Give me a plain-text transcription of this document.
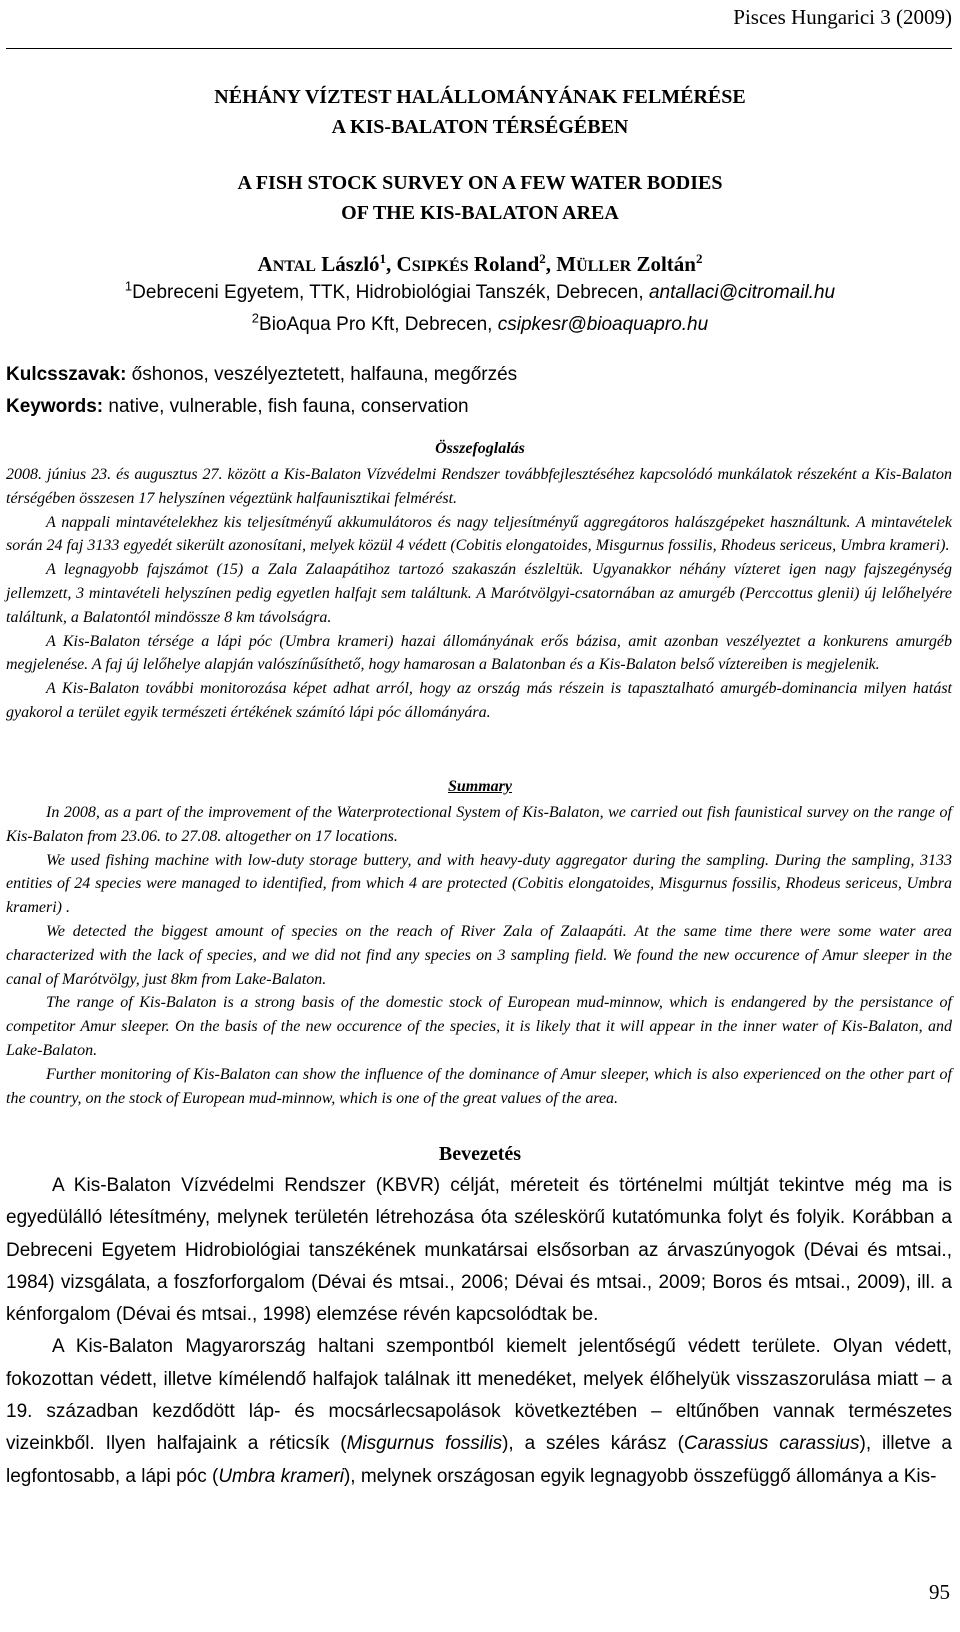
Pisces Hungarici 3 (2009)
NÉHÁNY VÍZTEST HALÁLLOMÁNYÁNAK FELMÉRÉSE
A KIS-BALATON TÉRSÉGÉBEN
A FISH STOCK SURVEY ON A FEW WATER BODIES
OF THE KIS-BALATON AREA
ANTAL László$^1$, CSIPKÉS Roland$^2$, MÜLLER Zoltán$^2$
$^1$Debreceni Egyetem, TTK, Hidrobiológiai Tanszék, Debrecen, antallaci@citromail.hu
$^2$BioAqua Pro Kft, Debrecen, csipkesr@bioaquapro.hu
Kulcsszavak: őshonos, veszélyeztetett, halfauna, megőrzés
Keywords: native, vulnerable, fish fauna, conservation
Összefoglalás

2008. június 23. és augusztus 27. között a Kis-Balaton Vízvédelmi Rendszer továbbfejlesztéséhez kapcsolódó munkálatok részeként a Kis-Balaton térségében összesen 17 helyszínen végeztünk halfaunisztikai felmérést.

A nappali mintavételekhez kis teljesítményű akkumulátoros és nagy teljesítményű aggregátoros halászgépeket használtunk. A mintavételek során 24 faj 3133 egyedét sikerült azonosítani, melyek közül 4 védett (Cobitis elongatoides, Misgurnus fossilis, Rhodeus sericeus, Umbra krameri).

A legnagyobb fajszámot (15) a Zala Zalaapátihoz tartozó szakaszán észleltük. Ugyanakkor néhány vízteret igen nagy fajszegénység jellemzett, 3 mintavételi helyszínen pedig egyetlen halfajt sem találtunk. A Marótvölgyi-csatornában az amurgéb (Perccottus glenii) új lelőhelyére találtunk, a Balatontól mindössze 8 km távolságra.

A Kis-Balaton térsége a lápi póc (Umbra krameri) hazai állományának erős bázisa, amit azonban veszélyeztet a konkurens amurgéb megjelenése. A faj új lelőhelye alapján valószínűsíthető, hogy hamarosan a Balatonban és a Kis-Balaton belső víztereiben is megjelenik.

A Kis-Balaton további monitorozása képet adhat arról, hogy az ország más részein is tapasztalható amurgéb-dominancia milyen hatást gyakorol a terület egyik természeti értékének számító lápi póc állományára.

Summary

In 2008, as a part of the improvement of the Waterprotectional System of Kis-Balaton, we carried out fish faunistical survey on the range of Kis-Balaton from 23.06. to 27.08. altogether on 17 locations.

We used fishing machine with low-duty storage buttery, and with heavy-duty aggregator during the sampling. During the sampling, 3133 entities of 24 species were managed to identified, from which 4 are protected (Cobitis elongatoides, Misgurnus fossilis, Rhodeus sericeus, Umbra krameri) .

We detected the biggest amount of species on the reach of River Zala of Zalaapáti. At the same time there were some water area characterized with the lack of species, and we did not find any species on 3 sampling field. We found the new occurence of Amur sleeper in the canal of Marótvölgy, just 8km from Lake-Balaton.

The range of Kis-Balaton is a strong basis of the domestic stock of European mud-minnow, which is endangered by the persistance of competitor Amur sleeper. On the basis of the new occurence of the species, it is likely that it will appear in the inner water of Kis-Balaton, and Lake-Balaton.

Further monitoring of Kis-Balaton can show the influence of the dominance of Amur sleeper, which is also experienced on the other part of the country, on the stock of European mud-minnow, which is one of the great values of the area.

Bevezetés

A Kis-Balaton Vízvédelmi Rendszer (KBVR) célját, méreteit és történelmi múltját tekintve még ma is egyedülálló létesítmény, melynek területén létrehozása óta széleskörű kutatómunka folyt és folyik. Korábban a Debreceni Egyetem Hidrobiológiai tanszékének munkatársai elsősorban az árvaszúnyogok (Dévai és mtsai., 1984) vizsgálata, a foszforforgalom (Dévai és mtsai., 2006; Dévai és mtsai., 2009; Boros és mtsai., 2009), ill. a kénforgalom (Dévai és mtsai., 1998) elemzése révén kapcsolódtak be.

A Kis-Balaton Magyarország haltani szempontból kiemelt jelentőségű védett területe. Olyan védett, fokozottan védett, illetve kímélendő halfajok találnak itt menedéket, melyek élőhelyük visszaszorulása miatt – a 19. században kezdődött láp- és mocsárlecsapolások következtében – eltűnőben vannak természetes vizeinkből. Ilyen halfajaink a réticsík (Misgurnus fossilis), a széles kárász (Carassius carassius), illetve a legfontosabb, a lápi póc (Umbra krameri), melynek országosan egyik legnagyobb összefüggő állománya a Kis-

95
